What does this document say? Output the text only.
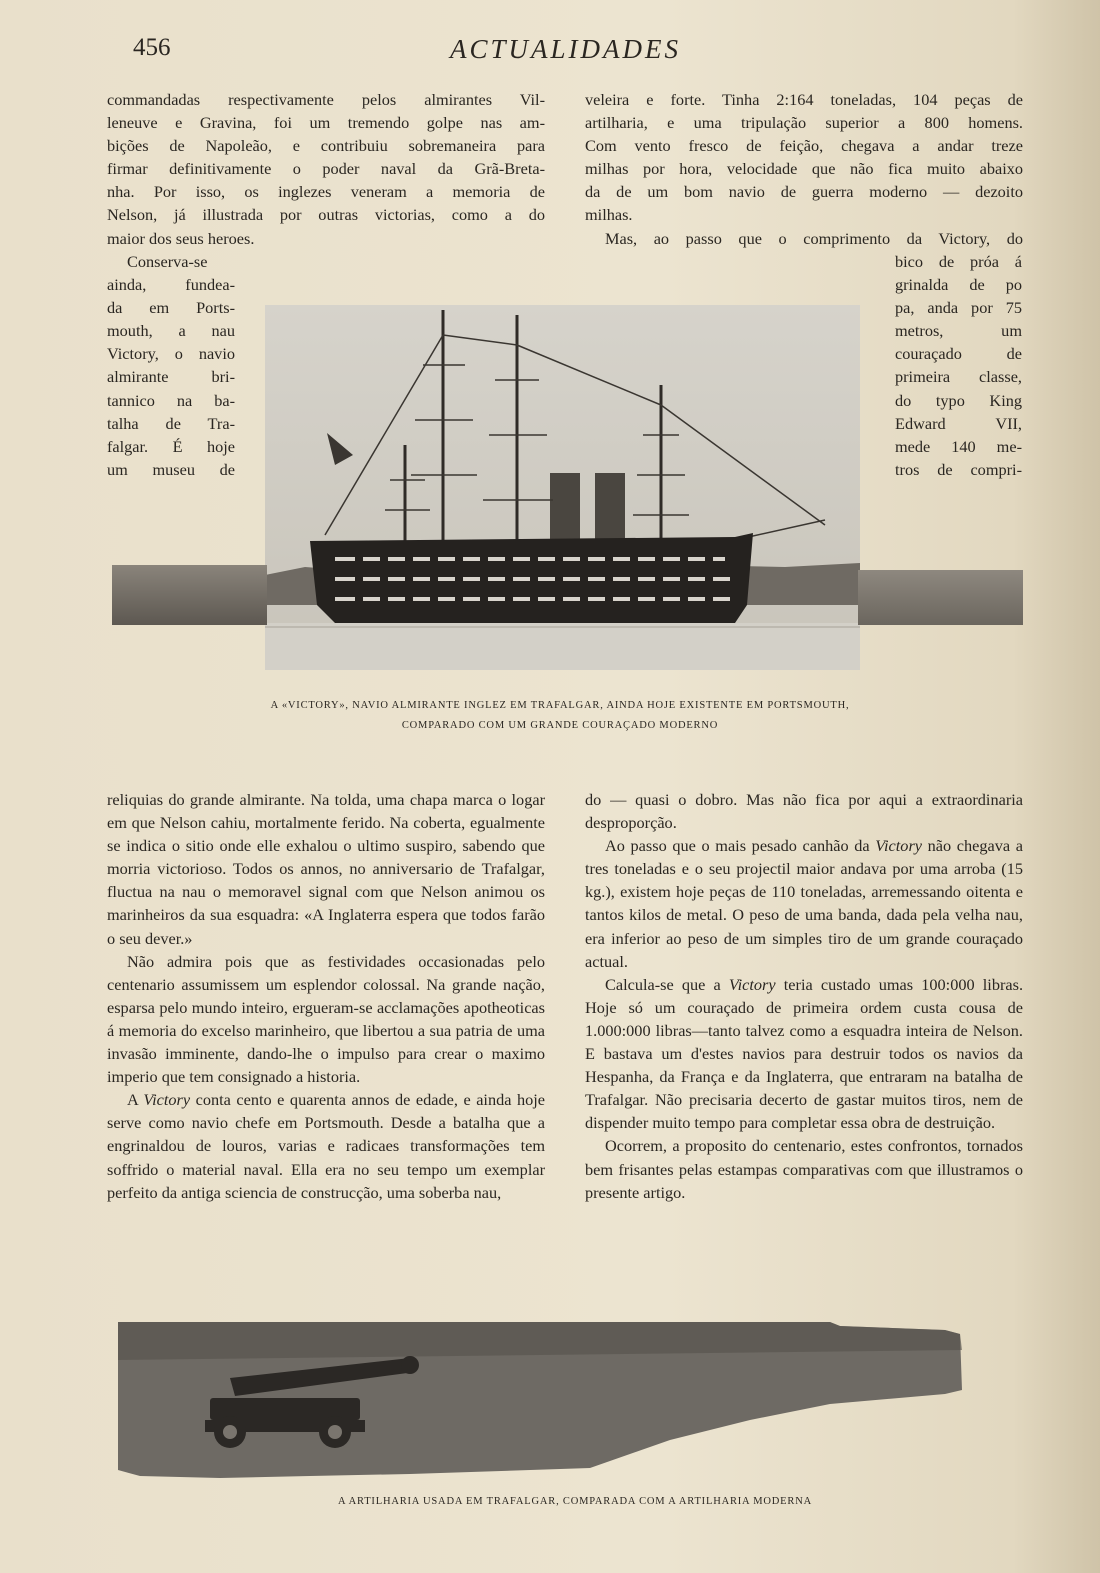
456	ACTUALIDADES
commandadas respectivamente pelos almirantes Vil-
leneuve e Gravina, foi um tremendo golpe nas am-
bições de Napoleão, e contribuiu sobremaneira para
firmar definitivamente o poder naval da Grã-Breta-
nha. Por isso, os inglezes veneram a memoria de
Nelson, já illustrada por outras victorias, como a do
maior dos seus heroes.
Conserva-se
ainda, fundea-
da em Ports-
mouth, a nau
Victory, o navio
almirante bri-
tannico na ba-
talha de Tra-
falgar. É hoje
um museu de
veleira e forte. Tinha 2:164 toneladas, 104 peças de
artilharia, e uma tripulação superior a 800 homens.
Com vento fresco de feição, chegava a andar treze
milhas por hora, velocidade que não fica muito abaixo
da de um bom navio de guerra moderno — dezoito
milhas.
Mas, ao passo que o comprimento da Victory, do
bico de próa á
grinalda de po
pa, anda por 75
metros, um
couraçado de
primeira classe,
do typo King
Edward VII,
mede 140 me-
tros de compri-
A «VICTORY», NAVIO ALMIRANTE INGLEZ EM TRAFALGAR, AINDA HOJE EXISTENTE EM PORTSMOUTH,
COMPARADO COM UM GRANDE COURAÇADO MODERNO

reliquias do grande almirante. Na tolda, uma chapa marca o logar em que Nelson cahiu, mortalmente ferido. Na coberta, egualmente se indica o sitio onde elle exhalou o ultimo suspiro, sabendo que morria victorioso. Todos os annos, no anniversario de Trafalgar, fluctua na nau o memoravel signal com que Nelson animou os marinheiros da sua esquadra: «A Inglaterra espera que todos farão o seu dever.»

Não admira pois que as festividades occasionadas pelo centenario assumissem um esplendor colossal. Na grande nação, esparsa pelo mundo inteiro, ergueram-se acclamações apotheoticas á memoria do excelso marinheiro, que libertou a sua patria de uma invasão imminente, dando-lhe o impulso para crear o maximo imperio que tem consignado a historia.

A Victory conta cento e quarenta annos de edade, e ainda hoje serve como navio chefe em Portsmouth. Desde a batalha que a engrinaldou de louros, varias e radicaes transformações tem soffrido o material naval. Ella era no seu tempo um exemplar perfeito da antiga sciencia de construcção, uma soberba nau,

do — quasi o dobro. Mas não fica por aqui a extraordinaria desproporção.

Ao passo que o mais pesado canhão da Victory não chegava a tres toneladas e o seu projectil maior andava por uma arroba (15 kg.), existem hoje peças de 110 toneladas, arremessando oitenta e tantos kilos de metal. O peso de uma banda, dada pela velha nau, era inferior ao peso de um simples tiro de um grande couraçado actual.

Calcula-se que a Victory teria custado umas 100:000 libras. Hoje só um couraçado de primeira ordem custa cousa de 1.000:000 libras—tanto talvez como a esquadra inteira de Nelson. E bastava um d'estes navios para destruir todos os navios da Hespanha, da França e da Inglaterra, que entraram na batalha de Trafalgar. Não precisaria decerto de gastar muitos tiros, nem de dispender muito tempo para completar essa obra de destruição.

Ocorrem, a proposito do centenario, estes confrontos, tornados bem frisantes pelas estampas comparativas com que illustramos o presente artigo.

A ARTILHARIA USADA EM TRAFALGAR, COMPARADA COM A ARTILHARIA MODERNA
